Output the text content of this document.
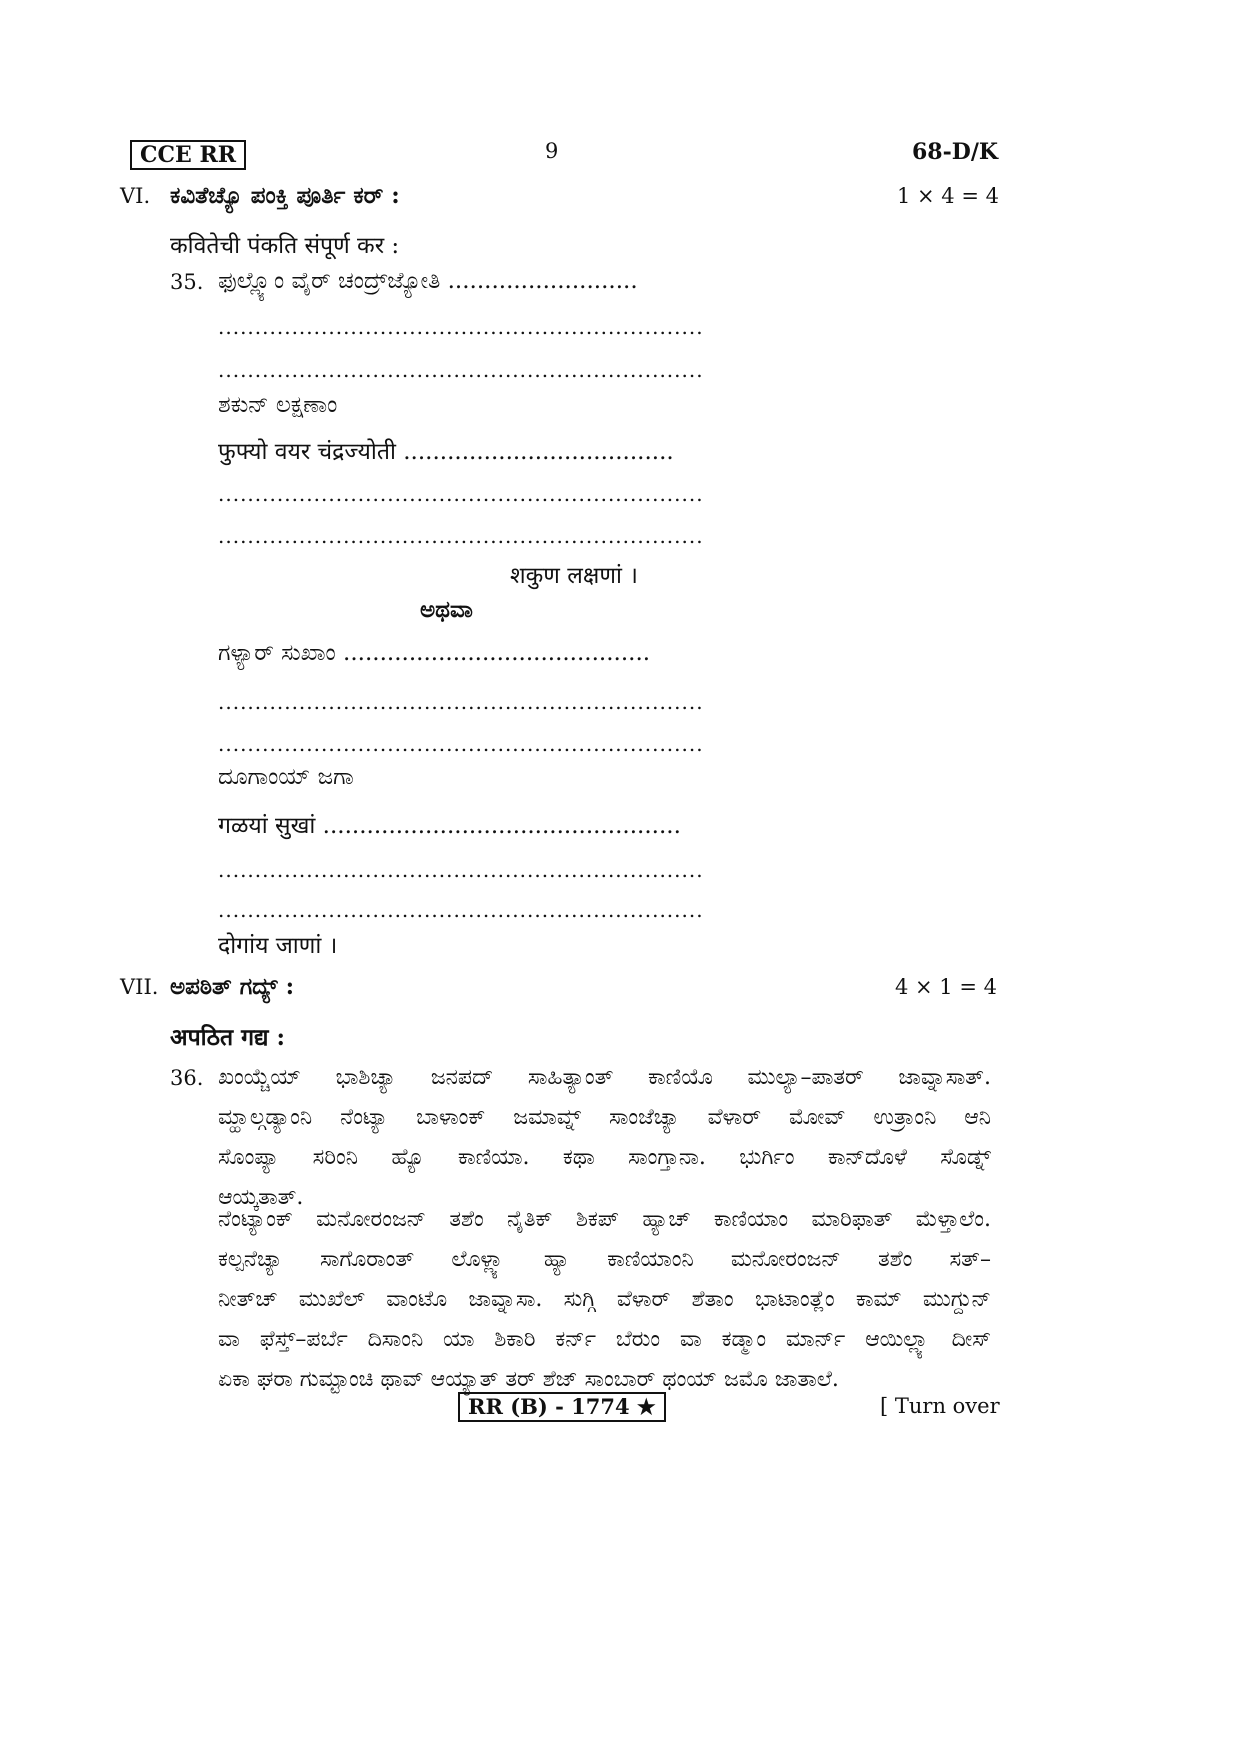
CCE RR	9	68-D/K
VI. ಕವಿತೆಚ್ಯೊ ಪಂಕ್ತಿ ಪೂರ್ತಿ ಕರ್ :	1 × 4 = 4
कवितेची पंकति संपूर्ण कर :
35. ಫುಲ್ಲ್ಯೊಂ ವೈರ್ ಚಂದ್ರ್‌ಜ್ಯೋತಿ ..........................
..................................................................
..................................................................
ಶಕುನ್ ಲಕ್ಷಣಾಂ
फुफ्यो वयर चंद्रज्योती .....................................
..................................................................
..................................................................
शकुण लक्षणां ।
ಅಥವಾ
ಗಳ್ಯಾರ್ ಸುಖಾಂ ..........................................
..................................................................
..................................................................
ದೂಗಾಂಯ್ ಜಗಾ
गळयां सुखां .................................................
..................................................................
..................................................................
दोगांय जाणां ।
VII. ಅಪಠಿತ್ ಗದ್ಯ್ :	4 × 1 = 4
अपठित गद्य :
36. ಖಂಯ್ಚೆಯ್ ಭಾಶಿಚ್ಯಾ ಜನಪದ್ ಸಾಹಿತ್ಯಾಂತ್ ಕಾಣಿಯೊ ಮುಲ್ಯಾ–ಪಾತರ್ ಜಾವ್ನಾಸಾತ್.
ಮ್ಹಾಲ್ಗಡ್ಯಾಂನಿ ನೆಂಟ್ಯಾ ಬಾಳಾಂಕ್ ಜಮಾವ್ನ್ ಸಾಂಜೆಚ್ಯಾ ವೆಳಾರ್ ಮೋವ್ ಉತ್ರಾಂನಿ ಆನಿ
ಸೊಂಪ್ಯಾ ಸರಿಂನಿ ಹ್ಯೊ ಕಾಣಿಯಾ. ಕಥಾ ಸಾಂಗ್ತಾನಾ. ಭುರ್ಗಿಂ ಕಾನ್‌ದೊಳೆ ಸೊಡ್ನ್
ಆಯ್ಕತಾತ್.
ನೆಂಟ್ಯಾಂಕ್ ಮನೋರಂಜನ್ ತಶೆಂ ನೈತಿಕ್ ಶಿಕಪ್ ಹ್ಯಾಚ್ ಕಾಣಿಯಾಂ ಮಾರಿಫಾತ್ ಮೆಳ್ತಾಲೆಂ.
ಕಲ್ಪನೆಚ್ಯಾ ಸಾಗೊರಾಂತ್ ಲೊಳ್ಲ್ಯಾ ಹ್ಯಾ ಕಾಣಿಯಾಂನಿ ಮನೋರಂಜನ್ ತಶೆಂ ಸತ್–
ನೀತ್‌ಚ್ ಮುಖೆಲ್ ವಾಂಟೊ ಜಾವ್ನಾಸಾ. ಸುಗ್ಗಿ ವೆಳಾರ್ ಶೆತಾಂ ಭಾಟಾಂತ್ಲೆಂ ಕಾಮ್ ಮುಗ್ದುನ್
ವಾ ಫೆಸ್ತ್–ಪರ್ಬೆ ದಿಸಾಂನಿ ಯಾ ಶಿಕಾರಿ ಕರ್ನ್ ಬೆರುಂ ವಾ ಕಡ್ಮಾಂ ಮಾರ್ನ್ ಆಯಿಲ್ಲ್ಯಾ ದೀಸ್
ಏಕಾ ಘರಾ ಗುಮ್ಟಾಂಚಿ ಥಾವ್ ಆಯ್ಯಾತ್ ತರ್ ಶೆಜ್ ಸಾಂಬಾರ್ ಥಂಯ್ ಜಮೊ ಜಾತಾಲೆ.
RR (B) - 1774 ★	[ Turn over
